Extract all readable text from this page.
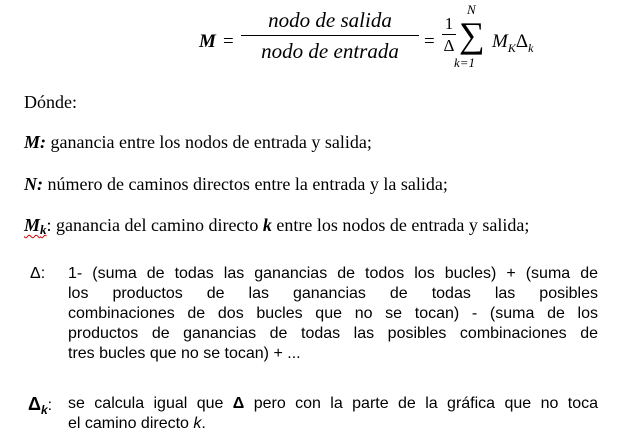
M =
nodo de salida
nodo de entrada	=
1
Δ
N
∑
k=1
$M_K\Delta_k$
Dónde:
M: ganancia entre los nodos de entrada y salida;
N: número de caminos directos entre la entrada y la salida;
Mk: ganancia del camino directo k entre los nodos de entrada y salida;
Δ: 1- (suma de todas las ganancias de todos los bucles) + (suma de
los productos de las ganancias de todas las posibles
combinaciones de dos bucles que no se tocan) - (suma de los
productos de ganancias de todas las posibles combinaciones de
tres bucles que no se tocan) + ...
$\Delta_k$: se calcula igual que Δ pero con la parte de la gráfica que no toca
el camino directo k.
